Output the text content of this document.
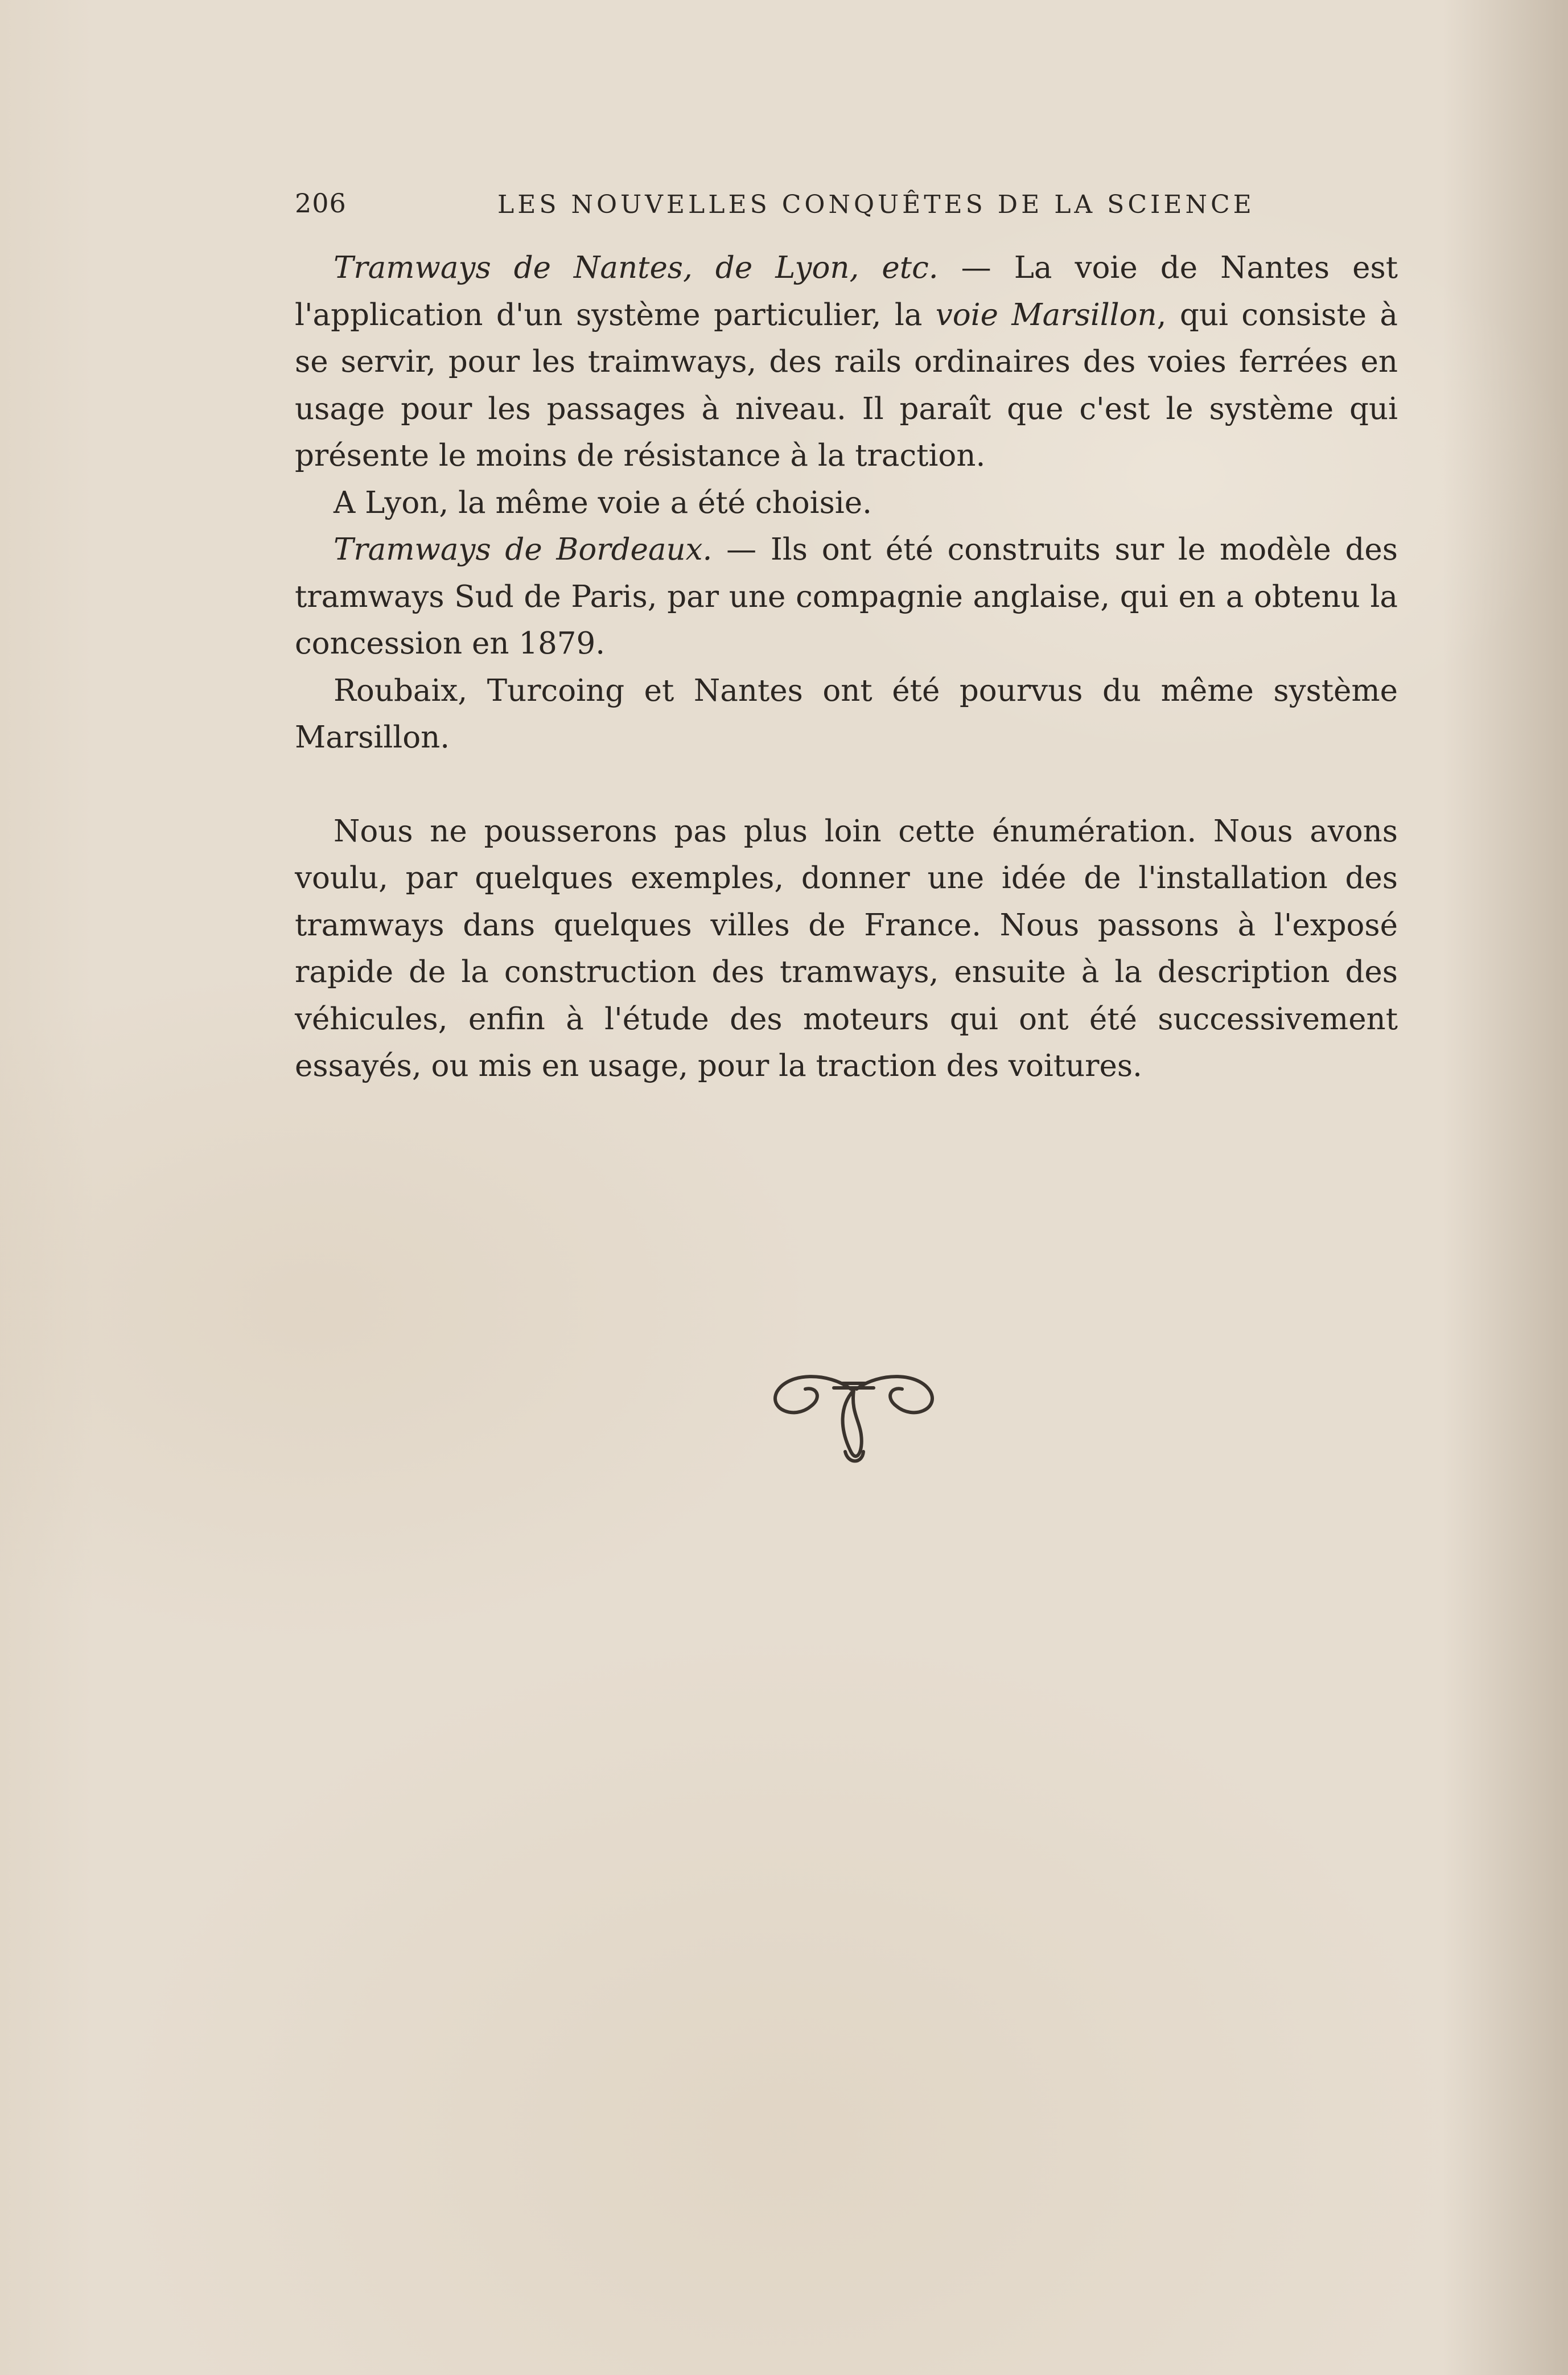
206	LES NOUVELLES CONQUÊTES DE LA SCIENCE

Tramways de Nantes, de Lyon, etc. — La voie de Nantes est l'application d'un système particulier, la voie Marsillon, qui consiste à se servir, pour les traimways, des rails ordinaires des voies ferrées en usage pour les passages à niveau. Il paraît que c'est le système qui présente le moins de résistance à la traction.

A Lyon, la même voie a été choisie.

Tramways de Bordeaux. — Ils ont été construits sur le modèle des tramways Sud de Paris, par une compagnie anglaise, qui en a obtenu la concession en 1879.

Roubaix, Turcoing et Nantes ont été pourvus du même système Marsillon.

Nous ne pousserons pas plus loin cette énumération. Nous avons voulu, par quelques exemples, donner une idée de l'installation des tramways dans quelques villes de France. Nous passons à l'exposé rapide de la construction des tramways, ensuite à la description des véhicules, enfin à l'étude des moteurs qui ont été successivement essayés, ou mis en usage, pour la traction des voitures.
